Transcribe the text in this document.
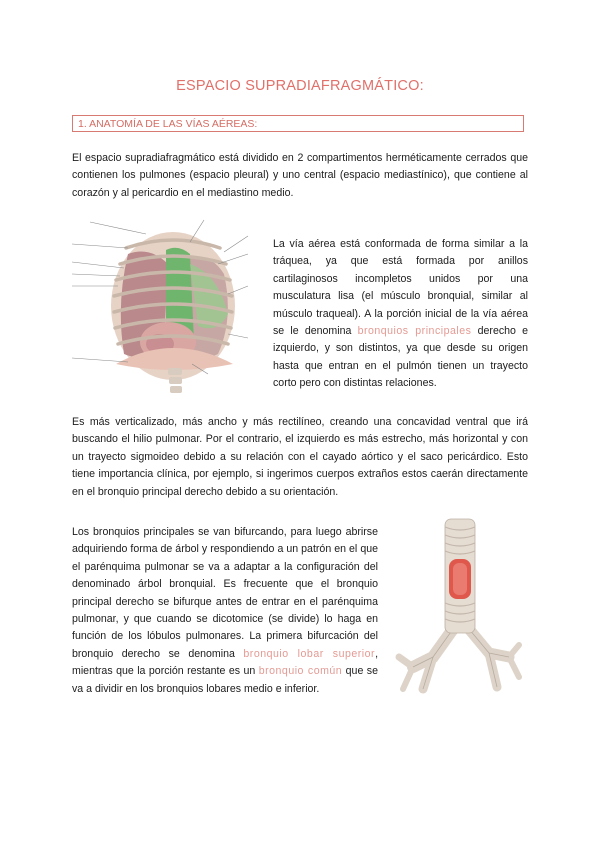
ESPACIO SUPRADIAFRAGMÁTICO:
1. ANATOMÍA DE LAS VÍAS AÉREAS:

El espacio supradiafragmático está dividido en 2 compartimentos herméticamente cerrados que contienen los pulmones (espacio pleural) y uno central (espacio mediastínico), que contiene al corazón y al pericardio en el mediastino medio.

La vía aérea está conformada de forma similar a la tráquea, ya que está formada por anillos cartilaginosos incompletos unidos por una musculatura lisa (el músculo bronquial, similar al músculo traqueal). A la porción inicial de la vía aérea se le denomina bronquios principales derecho e izquierdo, y son distintos, ya que desde su origen hasta que entran en el pulmón tienen un trayecto corto pero con distintas relaciones.

Es más verticalizado, más ancho y más rectilíneo, creando una concavidad ventral que irá buscando el hilio pulmonar. Por el contrario, el izquierdo es más estrecho, más horizontal y con un trayecto sigmoideo debido a su relación con el cayado aórtico y el saco pericárdico. Esto tiene importancia clínica, por ejemplo, si ingerimos cuerpos extraños estos caerán directamente en el bronquio principal derecho debido a su orientación.

Los bronquios principales se van bifurcando, para luego abrirse adquiriendo forma de árbol y respondiendo a un patrón en el que el parénquima pulmonar se va a adaptar a la configuración del denominado árbol bronquial. Es frecuente que el bronquio principal derecho se bifurque antes de entrar en el parénquima pulmonar, y que cuando se dicotomice (se divide) lo haga en función de los lóbulos pulmonares. La primera bifurcación del bronquio derecho se denomina bronquio lobar superior, mientras que la porción restante es un bronquio común que se va a dividir en los bronquios lobares medio e inferior.
